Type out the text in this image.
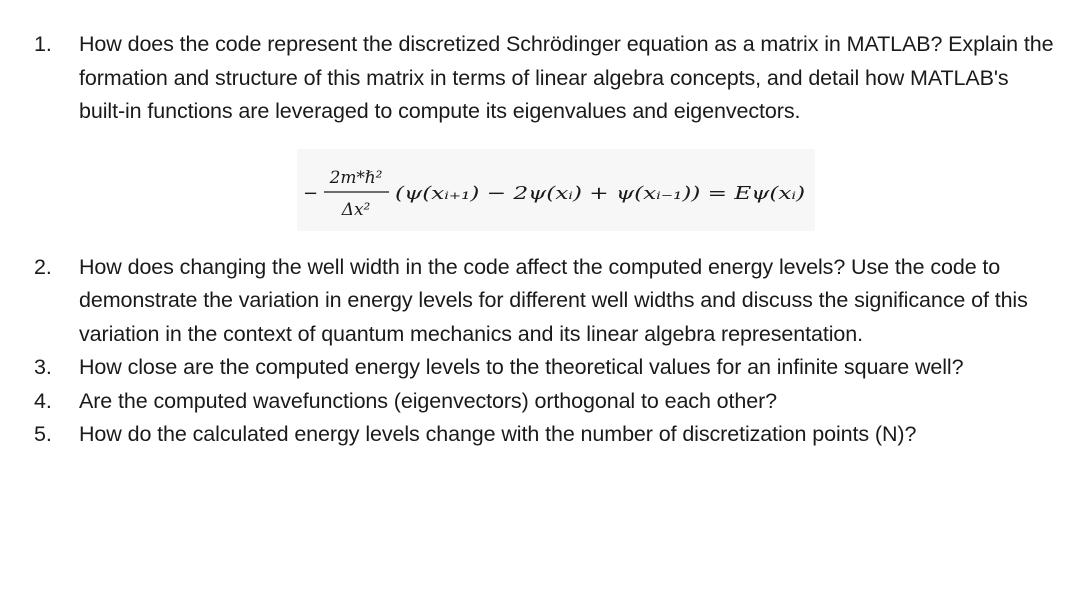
1.	How does the code represent the discretized Schrödinger equation as a matrix in MATLAB? Explain the formation and structure of this matrix in terms of linear algebra concepts, and detail how MATLAB's built-in functions are leveraged to compute its eigenvalues and eigenvectors.
−
2m*ℏ²
Δx²
(ψ(xᵢ₊₁) − 2ψ(xᵢ) + ψ(xᵢ₋₁)) = Eψ(xᵢ)
2.	How does changing the well width in the code affect the computed energy levels? Use the code to demonstrate the variation in energy levels for different well widths and discuss the significance of this variation in the context of quantum mechanics and its linear algebra representation.
3.	How close are the computed energy levels to the theoretical values for an infinite square well?
4.	Are the computed wavefunctions (eigenvectors) orthogonal to each other?
5.	How do the calculated energy levels change with the number of discretization points (N)?
